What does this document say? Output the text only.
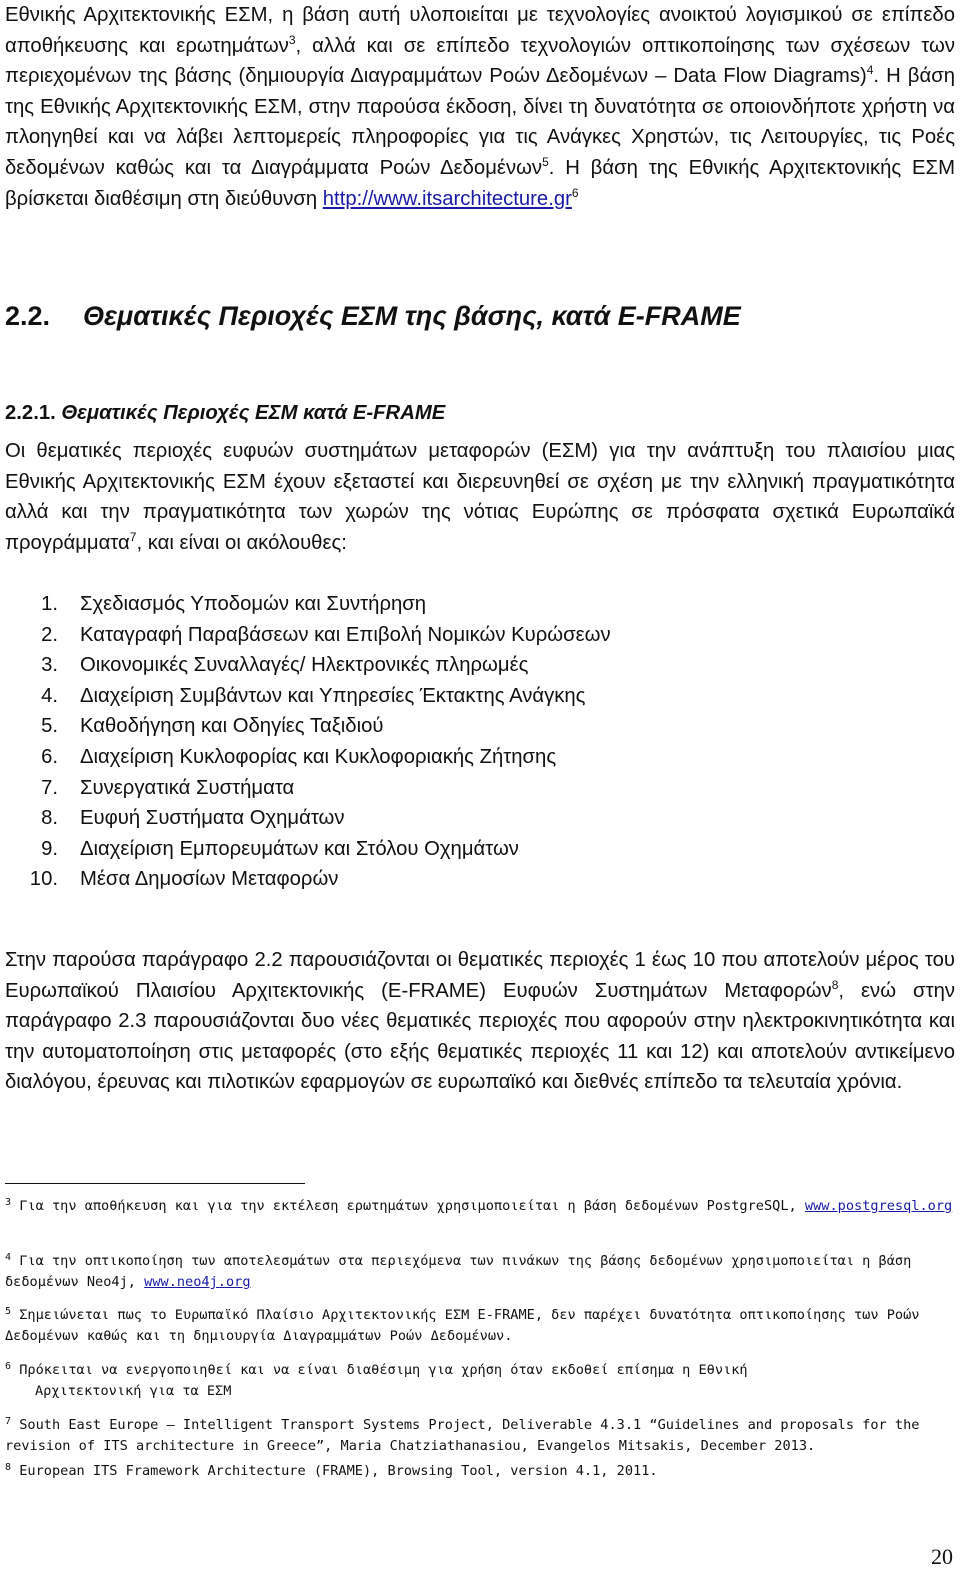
Εθνικής Αρχιτεκτονικής ΕΣΜ, η βάση αυτή υλοποιείται με τεχνολογίες ανοικτού λογισμικού σε επίπεδο αποθήκευσης και ερωτημάτων$^3$, αλλά και σε επίπεδο τεχνολογιών οπτικοποίησης των σχέσεων των περιεχομένων της βάσης (δημιουργία Διαγραμμάτων Ροών Δεδομένων – Data Flow Diagrams)$^4$. Η βάση της Εθνικής Αρχιτεκτονικής ΕΣΜ, στην παρούσα έκδοση, δίνει τη δυνατότητα σε οποιονδήποτε χρήστη να πλοηγηθεί και να λάβει λεπτομερείς πληροφορίες για τις Ανάγκες Χρηστών, τις Λειτουργίες, τις Ροές δεδομένων καθώς και τα Διαγράμματα Ροών Δεδομένων$^5$. Η βάση της Εθνικής Αρχιτεκτονικής ΕΣΜ βρίσκεται διαθέσιμη στη διεύθυνση $http://www.itsarchitecture.gr^6$

2.2. Θεματικές Περιοχές ΕΣΜ της βάσης, κατά E-FRAME
2.2.1. Θεματικές Περιοχές ΕΣΜ κατά E-FRAME

Οι θεματικές περιοχές ευφυών συστημάτων μεταφορών (ΕΣΜ) για την ανάπτυξη του πλαισίου μιας Εθνικής Αρχιτεκτονικής ΕΣΜ έχουν εξεταστεί και διερευνηθεί σε σχέση με την ελληνική πραγματικότητα αλλά και την πραγματικότητα των χωρών της νότιας Ευρώπης σε πρόσφατα σχετικά Ευρωπαϊκά προγράμματα$^7$, και είναι οι ακόλουθες:

1. Σχεδιασμός Υποδομών και Συντήρηση
2. Καταγραφή Παραβάσεων και Επιβολή Νομικών Κυρώσεων
3. Οικονομικές Συναλλαγές/ Ηλεκτρονικές πληρωμές
4. Διαχείριση Συμβάντων και Υπηρεσίες Έκτακτης Ανάγκης
5. Καθοδήγηση και Οδηγίες Ταξιδιού
6. Διαχείριση Κυκλοφορίας και Κυκλοφοριακής Ζήτησης
7. Συνεργατικά Συστήματα
8. Ευφυή Συστήματα Οχημάτων
9. Διαχείριση Εμπορευμάτων και Στόλου Οχημάτων
10. Μέσα Δημοσίων Μεταφορών

Στην παρούσα παράγραφο 2.2 παρουσιάζονται οι θεματικές περιοχές 1 έως 10 που αποτελούν μέρος του Ευρωπαϊκού Πλαισίου Αρχιτεκτονικής (E-FRAME) Ευφυών Συστημάτων Μεταφορών$^8$, ενώ στην παράγραφο 2.3 παρουσιάζονται δυο νέες θεματικές περιοχές που αφορούν στην ηλεκτροκινητικότητα και την αυτοματοποίηση στις μεταφορές (στο εξής θεματικές περιοχές 11 και 12) και αποτελούν αντικείμενο διαλόγου, έρευνας και πιλοτικών εφαρμογών σε ευρωπαϊκό και διεθνές επίπεδο τα τελευταία χρόνια.

$^3$ Για την αποθήκευση και για την εκτέλεση ερωτημάτων χρησιμοποιείται η βάση δεδομένων PostgreSQL, www.postgresql.org

$^4$ Για την οπτικοποίηση των αποτελεσμάτων στα περιεχόμενα των πινάκων της βάσης δεδομένων χρησιμοποιείται η βάση δεδομένων Neo4j, www.neo4j.org

$^5$ Σημειώνεται πως το Ευρωπαϊκό Πλαίσιο Αρχιτεκτονικής ΕΣΜ E-FRAME, δεν παρέχει δυνατότητα οπτικοποίησης των Ροών Δεδομένων καθώς και τη δημιουργία Διαγραμμάτων Ροών Δεδομένων.

$^6$ Πρόκειται να ενεργοποιηθεί και να είναι διαθέσιμη για χρήση όταν εκδοθεί επίσημα η Εθνική
Αρχιτεκτονική για τα ΕΣΜ

$^7$ South East Europe – Intelligent Transport Systems Project, Deliverable 4.3.1 “Guidelines and proposals for the revision of ITS architecture in Greece”, Maria Chatziathanasiou, Evangelos Mitsakis, December 2013.

$^8$ European ITS Framework Architecture (FRAME), Browsing Tool, version 4.1, 2011.

20
